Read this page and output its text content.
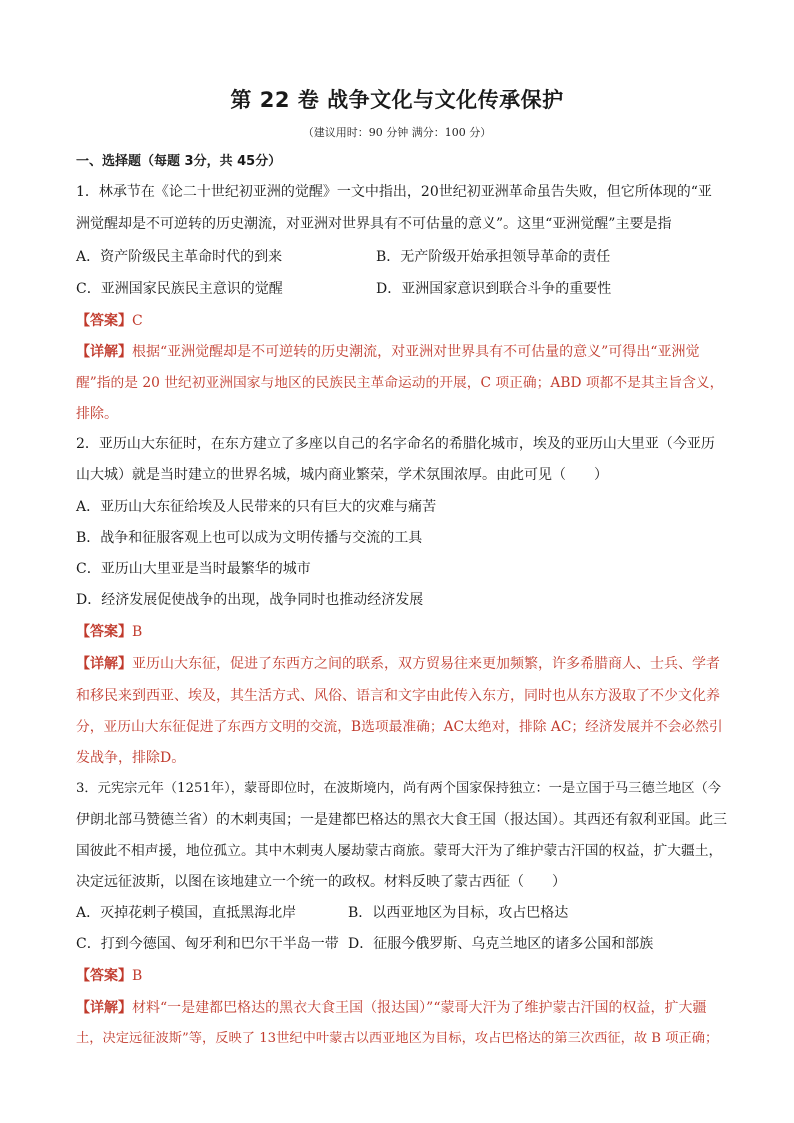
第 22 卷 战争文化与文化传承保护
（建议用时：90 分钟 满分：100 分）
一、选择题（每题 3分，共 45分）
1．林承节在《论二十世纪初亚洲的觉醒》一文中指出，20世纪初亚洲革命虽告失败，但它所体现的“亚
洲觉醒却是不可逆转的历史潮流，对亚洲对世界具有不可估量的意义”。这里“亚洲觉醒”主要是指
A．资产阶级民主革命时代的到来	B．无产阶级开始承担领导革命的责任
C．亚洲国家民族民主意识的觉醒	D．亚洲国家意识到联合斗争的重要性
【答案】C
【详解】根据“亚洲觉醒却是不可逆转的历史潮流，对亚洲对世界具有不可估量的意义”可得出“亚洲觉
醒”指的是 20 世纪初亚洲国家与地区的民族民主革命运动的开展，C 项正确；ABD 项都不是其主旨含义，
排除。
2．亚历山大东征时，在东方建立了多座以自己的名字命名的希腊化城市，埃及的亚历山大里亚（今亚历
山大城）就是当时建立的世界名城，城内商业繁荣，学术氛围浓厚。由此可见（　　）
A．亚历山大东征给埃及人民带来的只有巨大的灾难与痛苦
B．战争和征服客观上也可以成为文明传播与交流的工具
C．亚历山大里亚是当时最繁华的城市
D．经济发展促使战争的出现，战争同时也推动经济发展
【答案】B
【详解】亚历山大东征，促进了东西方之间的联系，双方贸易往来更加频繁，许多希腊商人、士兵、学者
和移民来到西亚、埃及，其生活方式、风俗、语言和文字由此传入东方，同时也从东方汲取了不少文化养
分，亚历山大东征促进了东西方文明的交流，B选项最准确；AC太绝对，排除 AC；经济发展并不会必然引
发战争，排除D。
3．元宪宗元年（1251年），蒙哥即位时，在波斯境内，尚有两个国家保持独立：一是立国于马三德兰地区（今
伊朗北部马赞德兰省）的木剌夷国；一是建都巴格达的黑衣大食王国（报达国）。其西还有叙利亚国。此三
国彼此不相声援，地位孤立。其中木剌夷人屡劫蒙古商旅。蒙哥大汗为了维护蒙古汗国的权益，扩大疆土，
决定远征波斯，以图在该地建立一个统一的政权。材料反映了蒙古西征（　　）
A．灭掉花剌子模国，直抵黑海北岸	B．以西亚地区为目标，攻占巴格达
C．打到今德国、匈牙利和巴尔干半岛一带 D．征服今俄罗斯、乌克兰地区的诸多公国和部族
【答案】B
【详解】材料“一是建都巴格达的黑衣大食王国（报达国）”“蒙哥大汗为了维护蒙古汗国的权益，扩大疆
土，决定远征波斯”等，反映了 13世纪中叶蒙古以西亚地区为目标，攻占巴格达的第三次西征，故 B 项正确；
